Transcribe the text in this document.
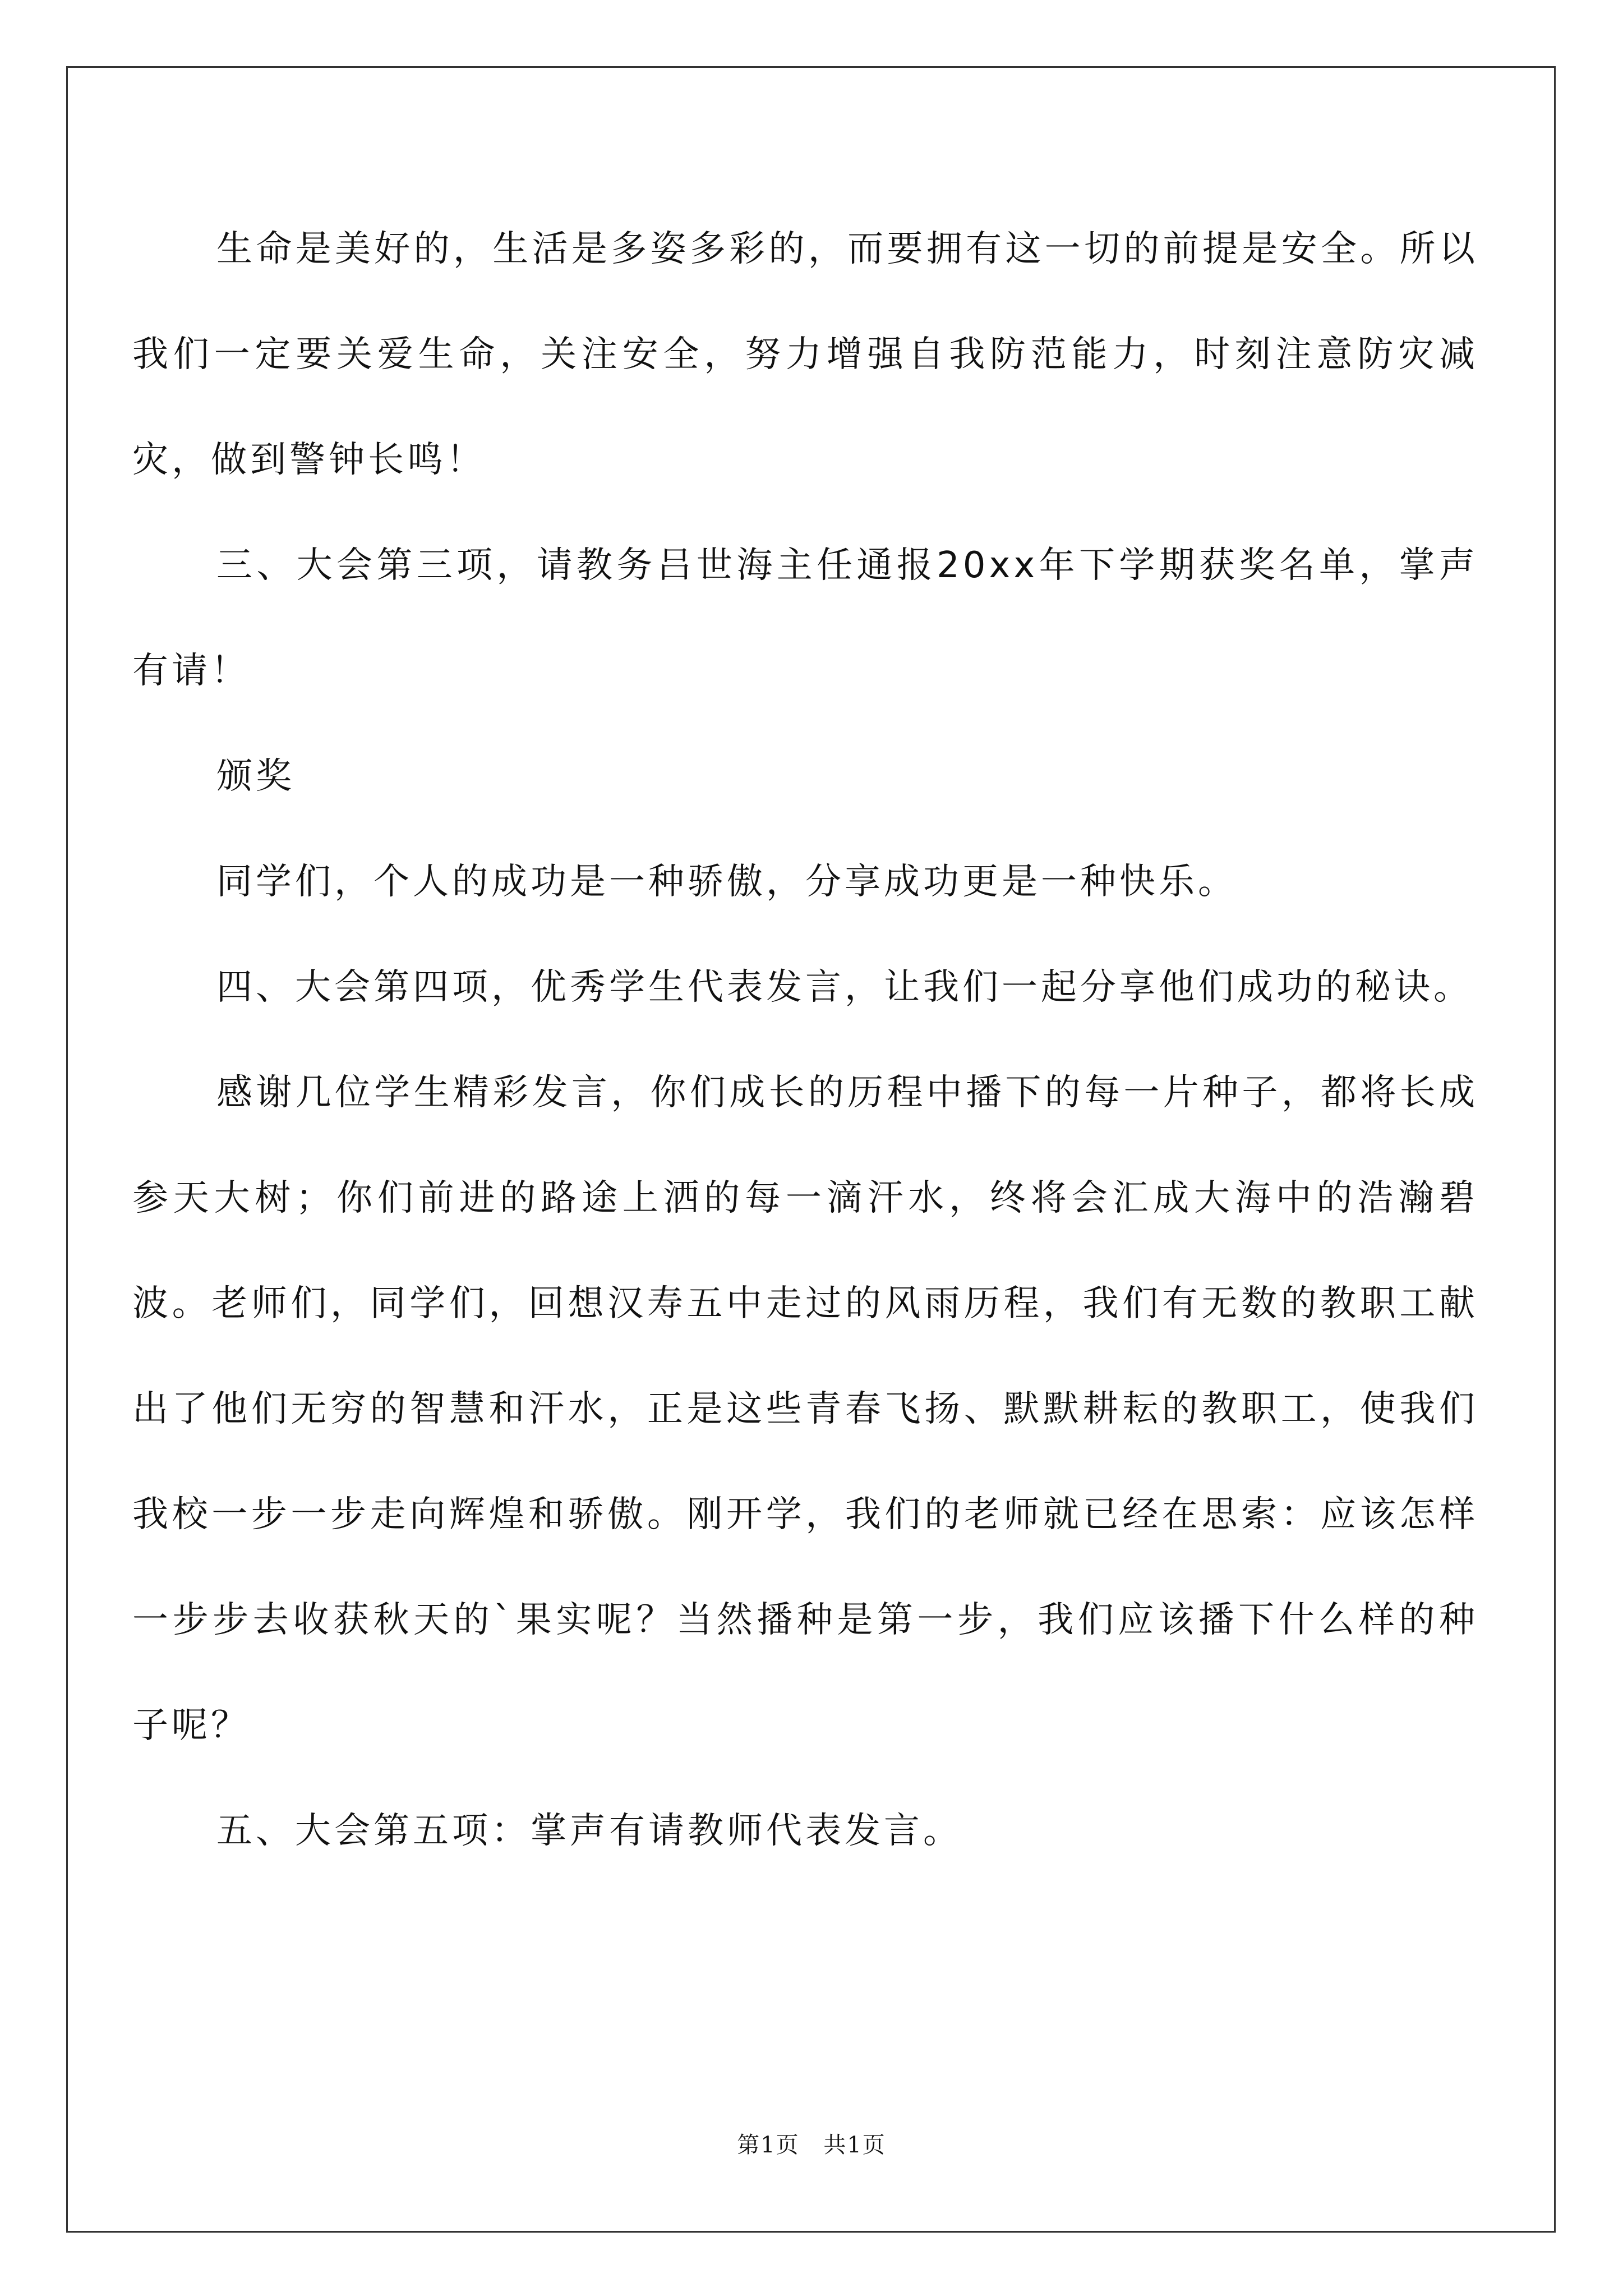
生命是美好的，生活是多姿多彩的，而要拥有这一切的前提是安全。所以我们一定要关爱生命，关注安全，努力增强自我防范能力，时刻注意防灾减灾，做到警钟长鸣！

三、大会第三项，请教务吕世海主任通报20xx年下学期获奖名单，掌声有请！

颁奖

同学们，个人的成功是一种骄傲，分享成功更是一种快乐。

四、大会第四项，优秀学生代表发言，让我们一起分享他们成功的秘诀。

感谢几位学生精彩发言，你们成长的历程中播下的每一片种子，都将长成参天大树；你们前进的路途上洒的每一滴汗水，终将会汇成大海中的浩瀚碧波。老师们，同学们，回想汉寿五中走过的风雨历程，我们有无数的教职工献出了他们无穷的智慧和汗水，正是这些青春飞扬、默默耕耘的教职工，使我们我校一步一步走向辉煌和骄傲。刚开学，我们的老师就已经在思索：应该怎样一步步去收获秋天的`果实呢？当然播种是第一步，我们应该播下什么样的种子呢？

五、大会第五项：掌声有请教师代表发言。

第1页 共1页
